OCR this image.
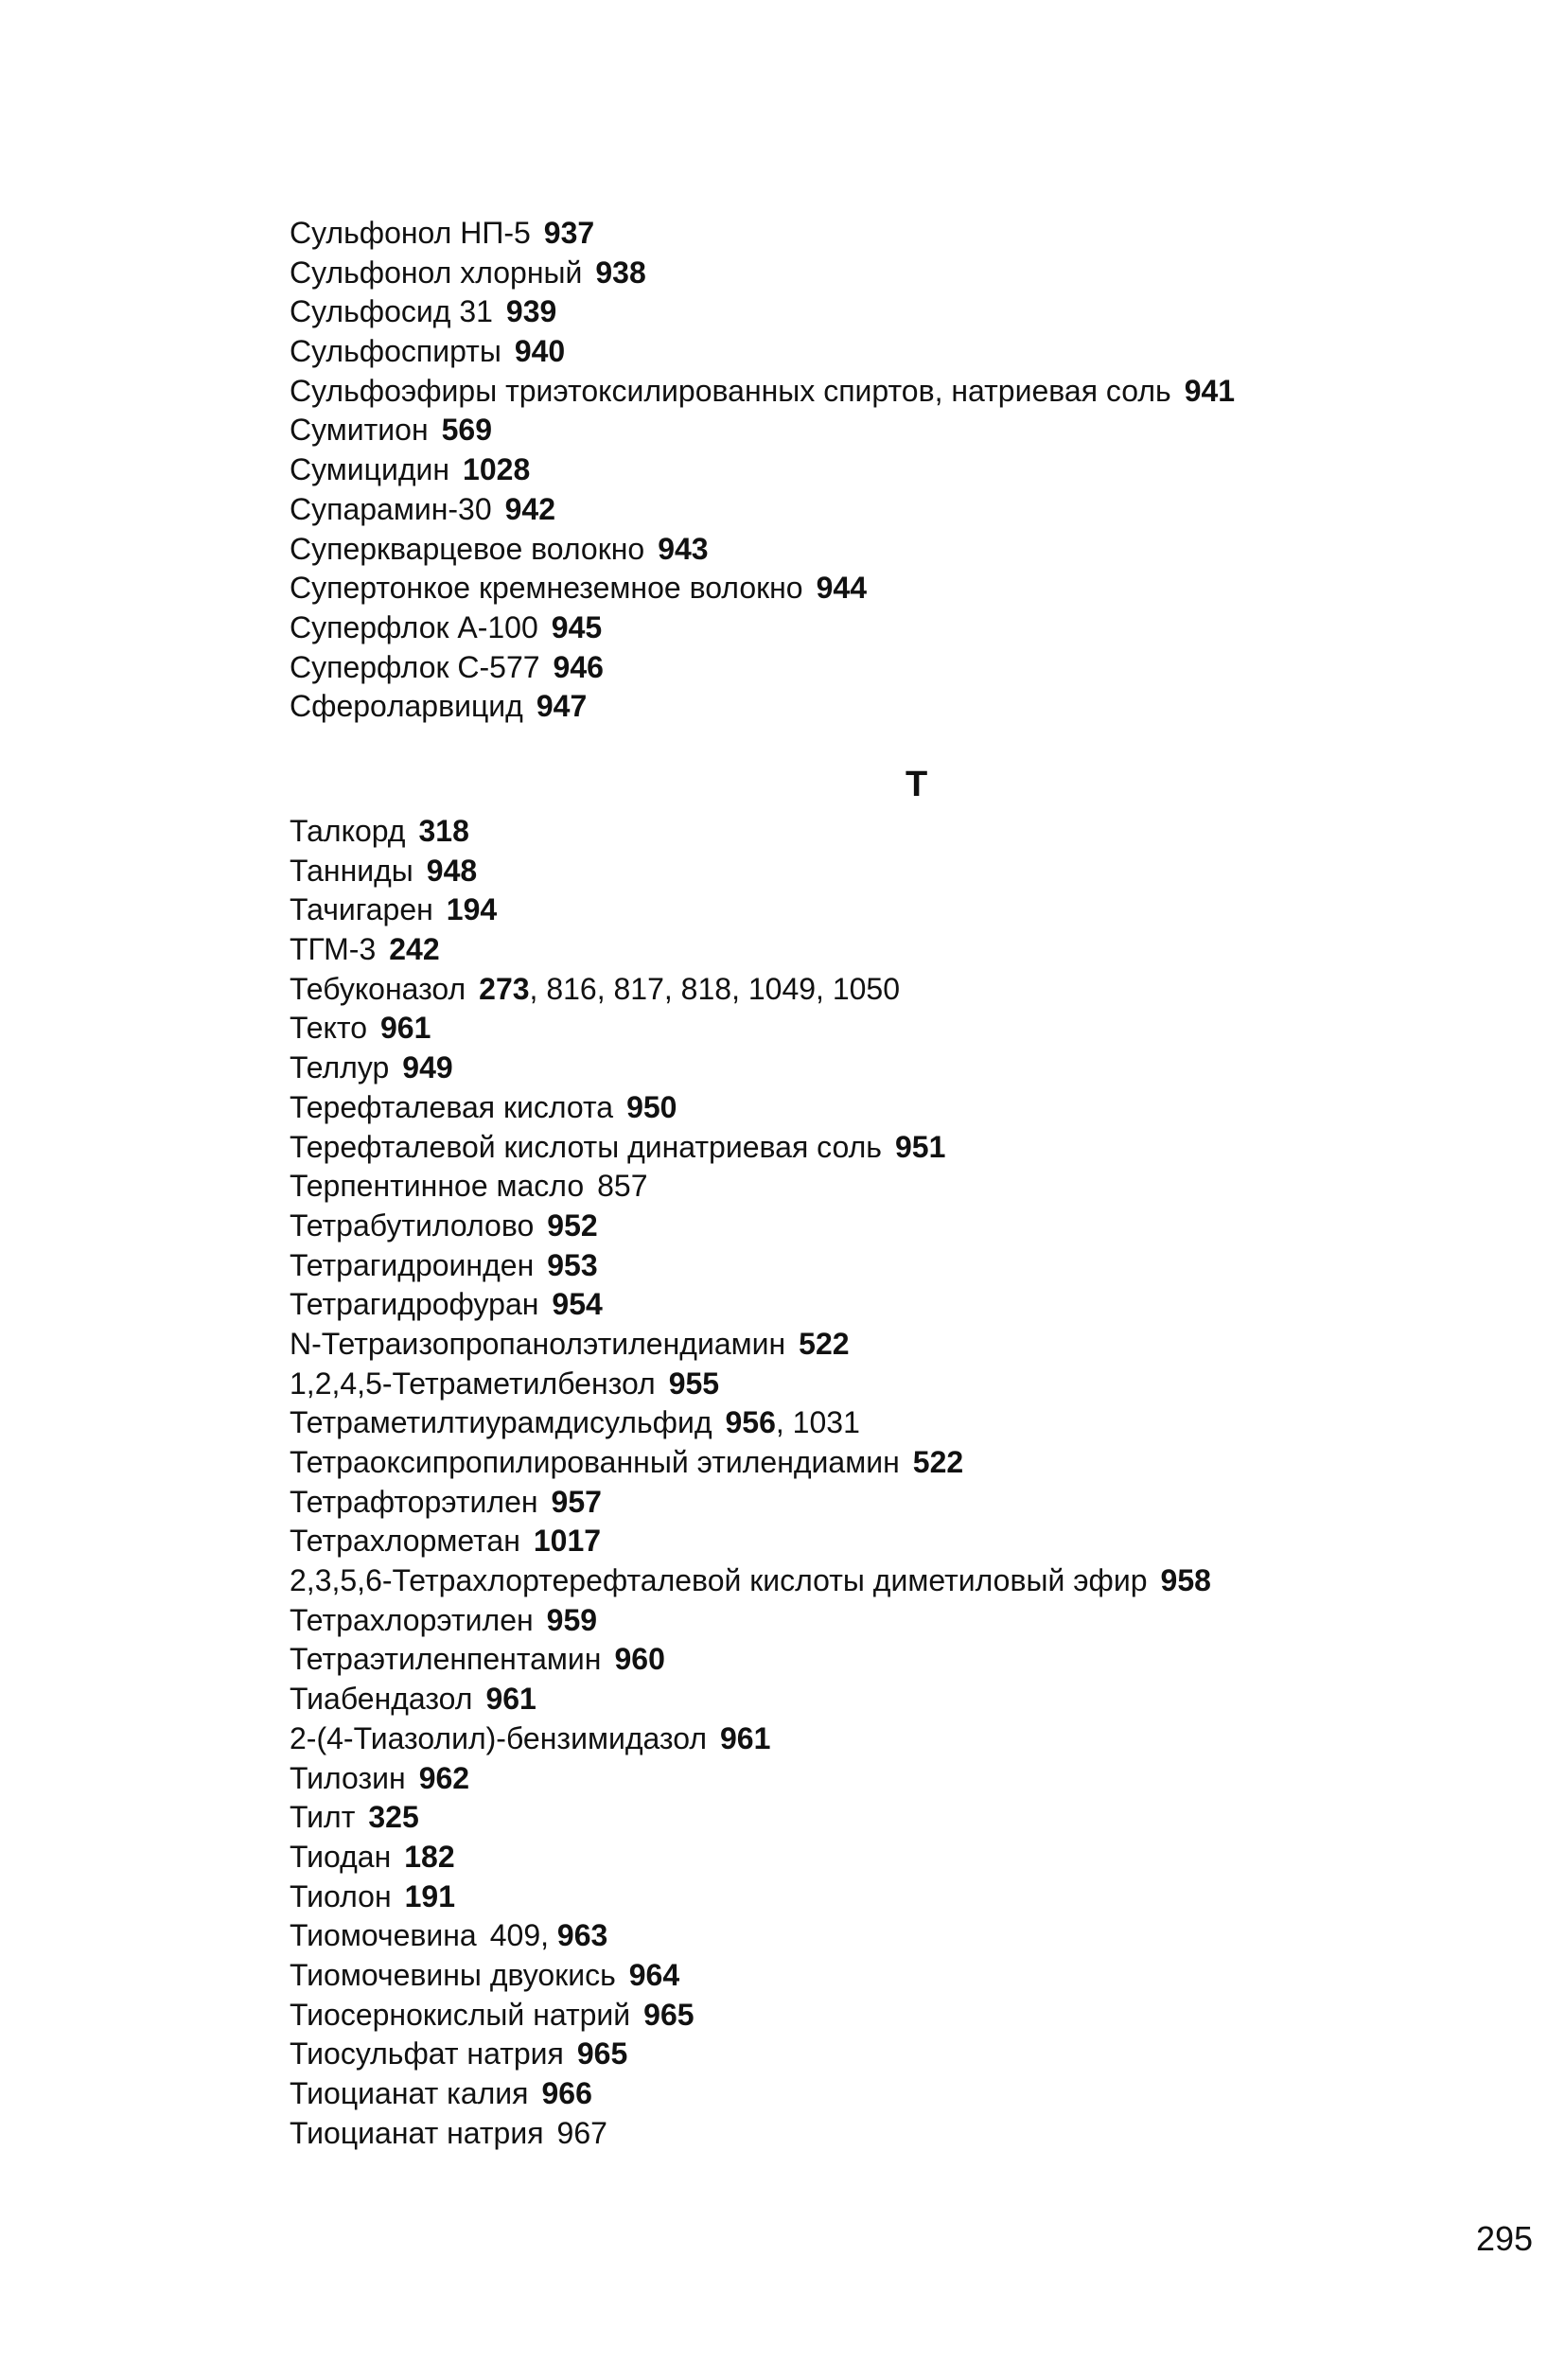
Сульфонол НП-5 937
Сульфонол хлорный 938
Сульфосид 31 939
Сульфоспирты 940
Сульфоэфиры триэтоксилированных спиртов, натриевая соль 941
Сумитион 569
Сумицидин 1028
Супарамин-30 942
Суперкварцевое волокно 943
Супертонкое кремнеземное волокно 944
Суперфлок А-100 945
Суперфлок С-577 946
Сферoларвицид 947
Т
Талкорд 318
Танниды 948
Тачигарен 194
ТГМ-3 242
Тебуконазол 273, 816, 817, 818, 1049, 1050
Текто 961
Теллур 949
Терефталевая кислота 950
Терефталевой кислоты динатриевая соль 951
Терпентинное масло 857
Тетрабутилолово 952
Тетрагидроинден 953
Тетрагидрофуран 954
N-Тетраизопропанолэтилендиамин 522
1,2,4,5-Тетраметилбензол 955
Тетраметилтиурамдисульфид 956, 1031
Тетраоксипропилированный этилендиамин 522
Тетрафторэтилен 957
Тетрахлорметан 1017
2,3,5,6-Тетрахлортерефталевой кислоты диметиловый эфир 958
Тетрахлорэтилен 959
Тетраэтиленпентамин 960
Тиабендазол 961
2-(4-Тиазолил)-бензимидазол 961
Тилозин 962
Тилт 325
Тиодан 182
Тиолон 191
Тиомочевина 409, 963
Тиомочевины двуокись 964
Тиосернокислый натрий 965
Тиосульфат натрия 965
Тиоцианат калия 966
Тиоцианат натрия 967
295
